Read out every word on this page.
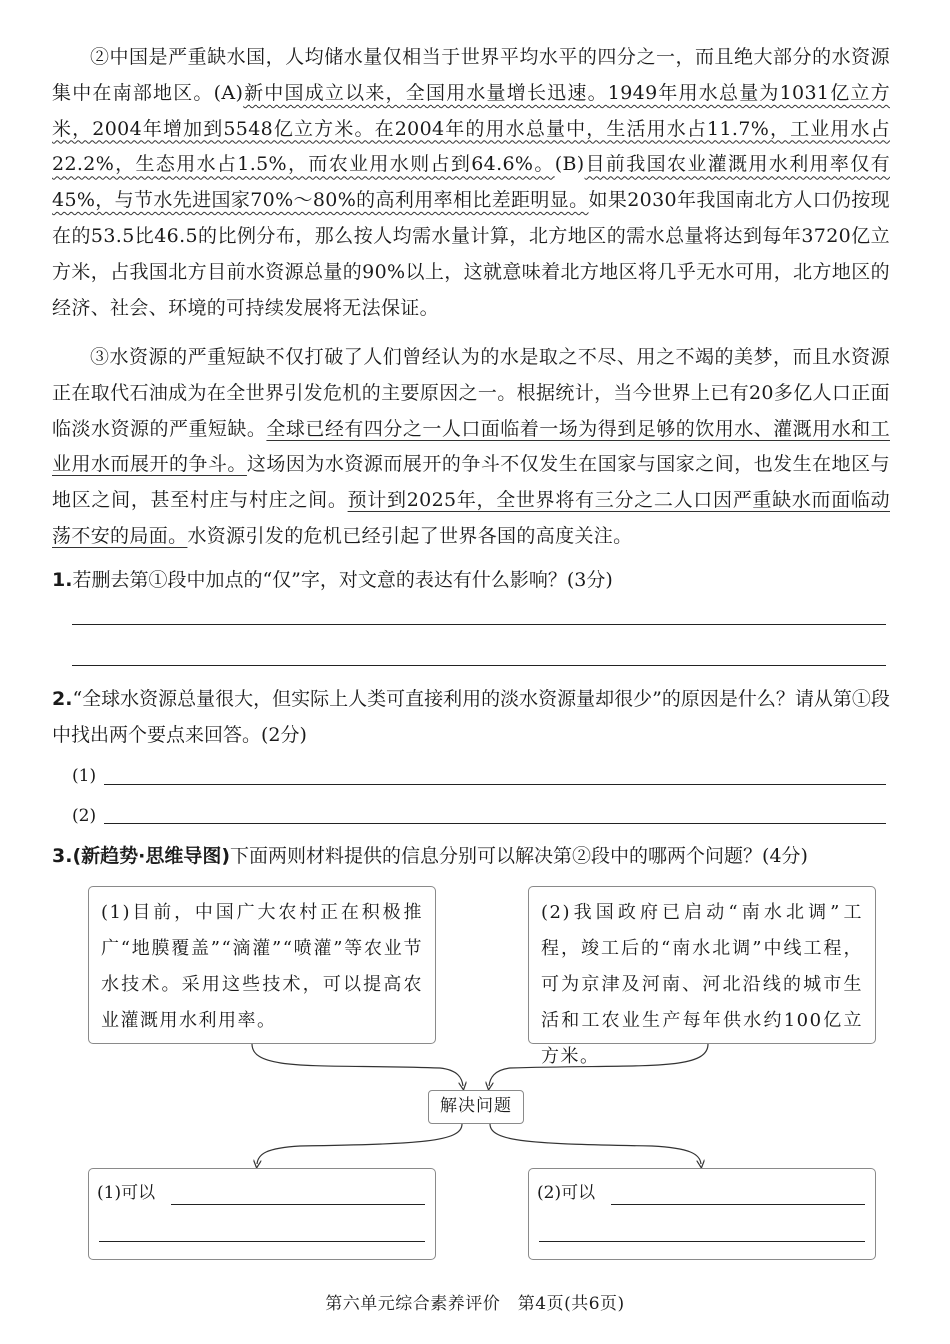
②中国是严重缺水国，人均储水量仅相当于世界平均水平的四分之一，而且绝大部分的水资源集中在南部地区。(A)新中国成立以来，全国用水量增长迅速。1949年用水总量为1031亿立方米，2004年增加到5548亿立方米。在2004年的用水总量中，生活用水占11.7%，工业用水占22.2%，生态用水占1.5%，而农业用水则占到64.6%。(B)目前我国农业灌溉用水利用率仅有45%，与节水先进国家70%～80%的高利用率相比差距明显。如果2030年我国南北方人口仍按现在的53.5比46.5的比例分布，那么按人均需水量计算，北方地区的需水总量将达到每年3720亿立方米，占我国北方目前水资源总量的90%以上，这就意味着北方地区将几乎无水可用，北方地区的经济、社会、环境的可持续发展将无法保证。

③水资源的严重短缺不仅打破了人们曾经认为的水是取之不尽、用之不竭的美梦，而且水资源正在取代石油成为在全世界引发危机的主要原因之一。根据统计，当今世界上已有20多亿人口正面临淡水资源的严重短缺。全球已经有四分之一人口面临着一场为得到足够的饮用水、灌溉用水和工业用水而展开的争斗。这场因为水资源而展开的争斗不仅发生在国家与国家之间，也发生在地区与地区之间，甚至村庄与村庄之间。预计到2025年，全世界将有三分之二人口因严重缺水而面临动荡不安的局面。水资源引发的危机已经引起了世界各国的高度关注。

1.若删去第①段中加点的“仅”字，对文意的表达有什么影响？(3分)
2.“全球水资源总量很大，但实际上人类可直接利用的淡水资源量却很少”的原因是什么？请从第①段中找出两个要点来回答。(2分)
(1)
(2)
3.(新趋势·思维导图)下面两则材料提供的信息分别可以解决第②段中的哪两个问题？(4分)
(1)目前，中国广大农村正在积极推广“地膜覆盖”“滴灌”“喷灌”等农业节水技术。采用这些技术，可以提高农业灌溉用水利用率。
(2)我国政府已启动“南水北调”工程，竣工后的“南水北调”中线工程，可为京津及河南、河北沿线的城市生活和工农业生产每年供水约100亿立方米。
解决问题
(1)可以	(2)可以
第六单元综合素养评价　第4页(共6页)
